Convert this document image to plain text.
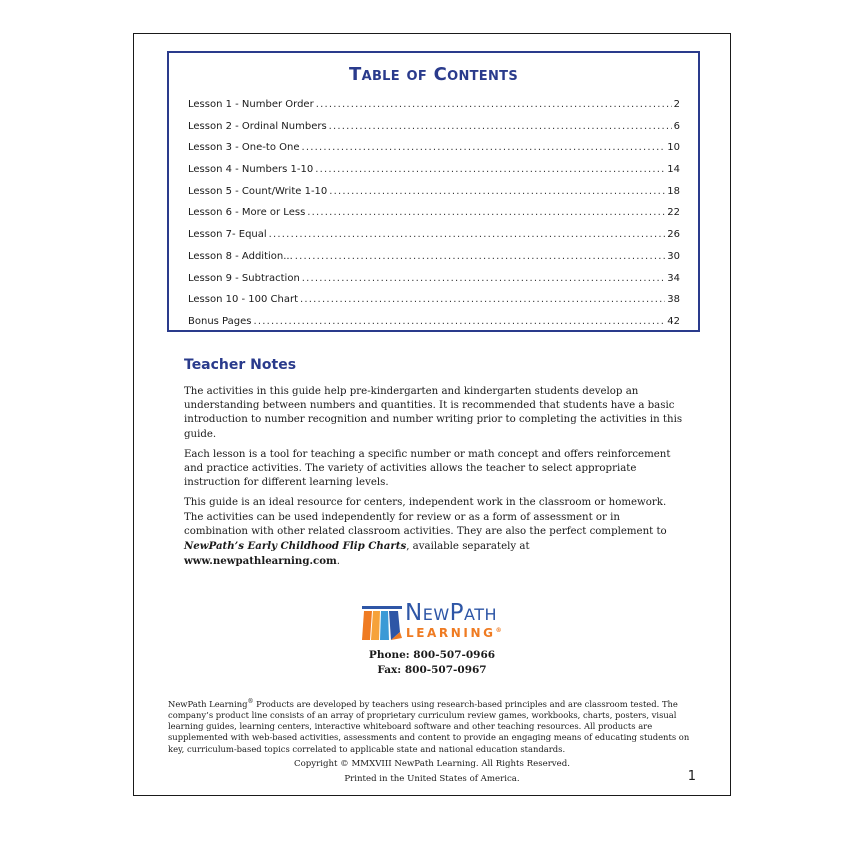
Table of Contents
Lesson 1 - Number Order .....	2
Lesson 2 - Ordinal Numbers .....	6
Lesson 3 - One-to One .....	10
Lesson 4 - Numbers 1-10 .....	14
Lesson 5 - Count/Write 1-10 .....	18
Lesson 6 - More or Less .....	22
Lesson 7- Equal .....	26
Lesson 8 - Addition... .....	30
Lesson 9 - Subtraction .....	34
Lesson 10 - 100 Chart .....	38
Bonus Pages .....	42
Teacher Notes

The activities in this guide help pre-kindergarten and kindergarten students develop an understanding between numbers and quantities. It is recommended that students have a basic introduction to number recognition and number writing prior to completing the activities in this guide.

Each lesson is a tool for teaching a specific number or math concept and offers reinforcement and practice activities. The variety of activities allows the teacher to select appropriate instruction for different learning levels.

This guide is an ideal resource for centers, independent work in the classroom or homework. The activities can be used independently for review or as a form of assessment or in combination with other related classroom activities. They are also the perfect complement to NewPath’s Early Childhood Flip Charts, available separately at www.newpathlearning.com.

NewPath
LEARNING®
Phone: 800-507-0966
Fax: 800-507-0967

NewPath Learning® Products are developed by teachers using research-based principles and are classroom tested. The company’s product line consists of an array of proprietary curriculum review games, workbooks, charts, posters, visual learning guides, learning centers, interactive whiteboard software and other teaching resources. All products are supplemented with web-based activities, assessments and content to provide an engaging means of educating students on key, curriculum-based topics correlated to applicable state and national education standards.

Copyright © MMXVIII NewPath Learning. All Rights Reserved.
Printed in the United States of America.	1
